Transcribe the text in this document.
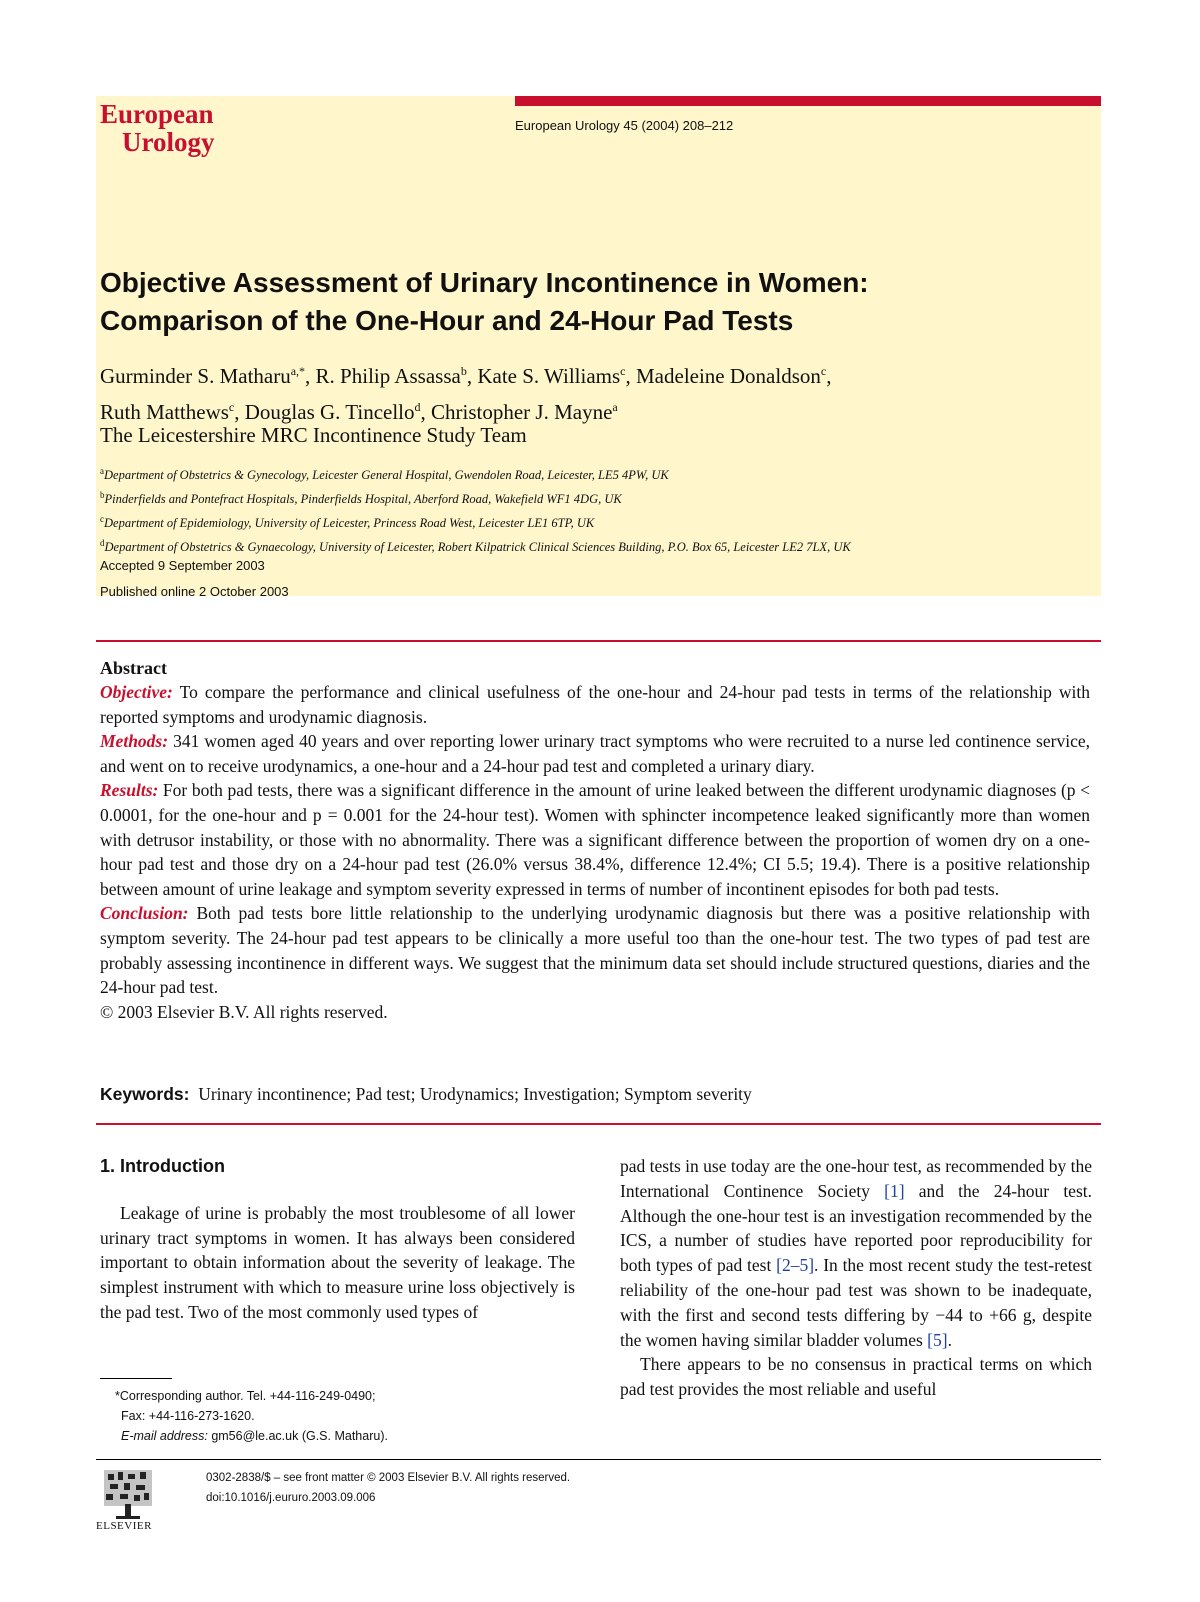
European
Urology
European Urology 45 (2004) 208–212
Objective Assessment of Urinary Incontinence in Women:
Comparison of the One-Hour and 24-Hour Pad Tests
Gurminder S. Matharu$^{a,*}$, R. Philip Assassa$^b$, Kate S. Williams$^c$, Madeleine Donaldson$^c$,
Ruth Matthews$^c$, Douglas G. Tincello$^d$, Christopher J. Mayne$^a$
The Leicestershire MRC Incontinence Study Team
$^a$Department of Obstetrics & Gynecology, Leicester General Hospital, Gwendolen Road, Leicester, LE5 4PW, UK
$^b$Pinderfields and Pontefract Hospitals, Pinderfields Hospital, Aberford Road, Wakefield WF1 4DG, UK
$^c$Department of Epidemiology, University of Leicester, Princess Road West, Leicester LE1 6TP, UK
$^d$Department of Obstetrics & Gynaecology, University of Leicester, Robert Kilpatrick Clinical Sciences Building, P.O. Box 65, Leicester LE2 7LX, UK
Accepted 9 September 2003
Published online 2 October 2003
Abstract

Objective: To compare the performance and clinical usefulness of the one-hour and 24-hour pad tests in terms of the relationship with reported symptoms and urodynamic diagnosis.

Methods: 341 women aged 40 years and over reporting lower urinary tract symptoms who were recruited to a nurse led continence service, and went on to receive urodynamics, a one-hour and a 24-hour pad test and completed a urinary diary.

Results: For both pad tests, there was a significant difference in the amount of urine leaked between the different urodynamic diagnoses (p < 0.0001, for the one-hour and p = 0.001 for the 24-hour test). Women with sphincter incompetence leaked significantly more than women with detrusor instability, or those with no abnormality. There was a significant difference between the proportion of women dry on a one-hour pad test and those dry on a 24-hour pad test (26.0% versus 38.4%, difference 12.4%; CI 5.5; 19.4). There is a positive relationship between amount of urine leakage and symptom severity expressed in terms of number of incontinent episodes for both pad tests.

Conclusion: Both pad tests bore little relationship to the underlying urodynamic diagnosis but there was a positive relationship with symptom severity. The 24-hour pad test appears to be clinically a more useful too than the one-hour test. The two types of pad test are probably assessing incontinence in different ways. We suggest that the minimum data set should include structured questions, diaries and the 24-hour pad test.

© 2003 Elsevier B.V. All rights reserved.

Keywords: Urinary incontinence; Pad test; Urodynamics; Investigation; Symptom severity
1. Introduction

Leakage of urine is probably the most troublesome of all lower urinary tract symptoms in women. It has always been considered important to obtain information about the severity of leakage. The simplest instrument with which to measure urine loss objectively is the pad test. Two of the most commonly used types of

pad tests in use today are the one-hour test, as recommended by the International Continence Society [1] and the 24-hour test. Although the one-hour test is an investigation recommended by the ICS, a number of studies have reported poor reproducibility for both types of pad test [2–5]. In the most recent study the test-retest reliability of the one-hour pad test was shown to be inadequate, with the first and second tests differing by −44 to +66 g, despite the women having similar bladder volumes [5].

There appears to be no consensus in practical terms on which pad test provides the most reliable and useful

*Corresponding author. Tel. +44-116-249-0490;
Fax: +44-116-273-1620.
E-mail address: gm56@le.ac.uk (G.S. Matharu).
ELSEVIER
0302-2838/$ – see front matter © 2003 Elsevier B.V. All rights reserved.
doi:10.1016/j.eururo.2003.09.006
